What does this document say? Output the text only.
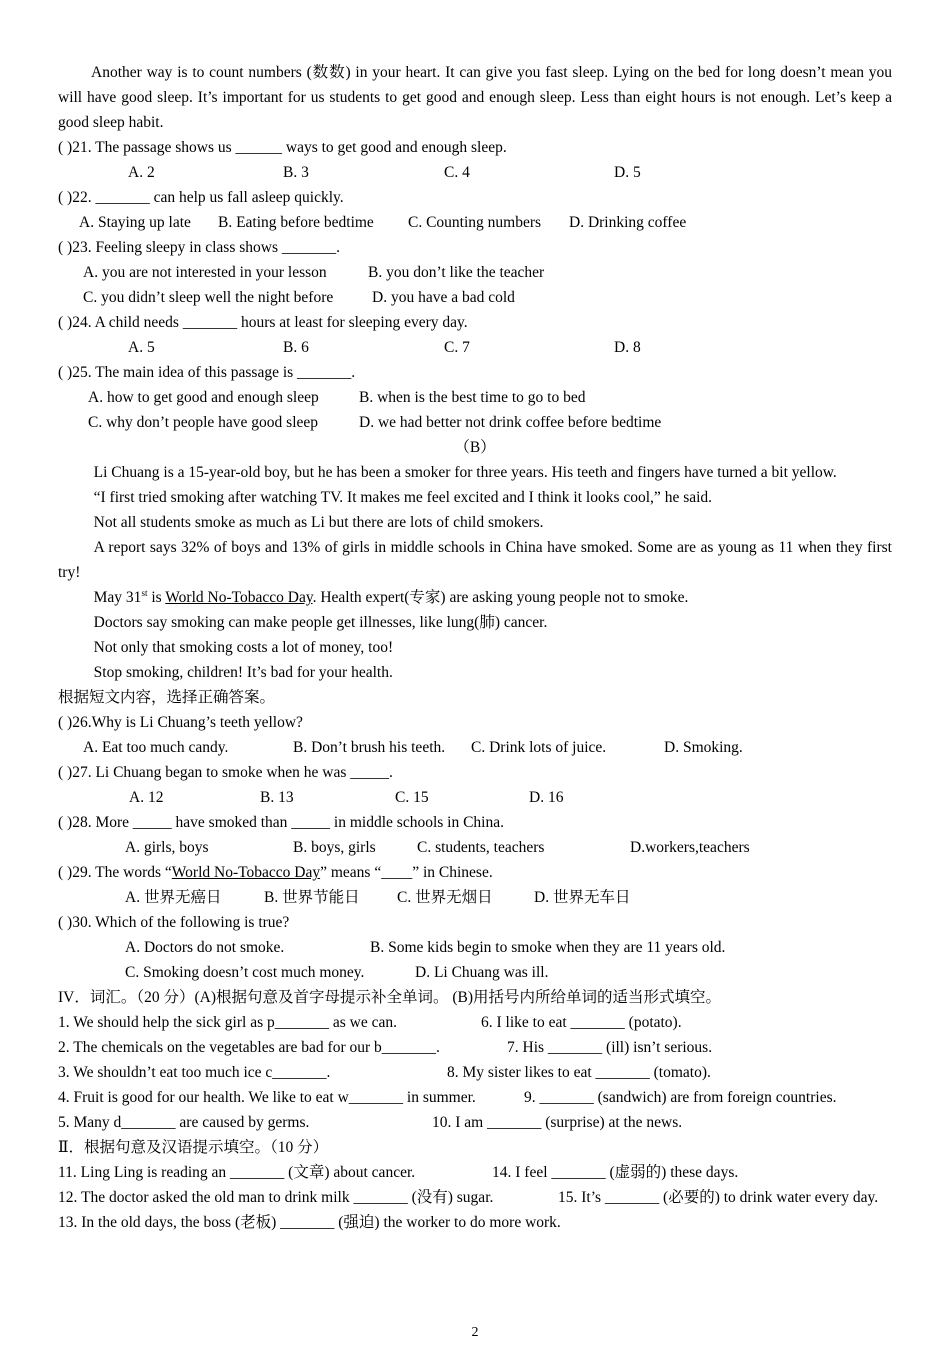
Another way is to count numbers (数数) in your heart. It can give you fast sleep. Lying on the bed for long doesn’t mean you will have good sleep. It’s important for us students to get good and enough sleep. Less than eight hours is not enough. Let’s keep a good sleep habit.
( )21. The passage shows us ______ ways to get good and enough sleep.
A. 2	B. 3	C. 4	D. 5
( )22. _______ can help us fall asleep quickly.
A. Staying up late B. Eating before bedtime C. Counting numbers D. Drinking coffee
( )23. Feeling sleepy in class shows _______.
A. you are not interested in your lesson	B. you don’t like the teacher
C. you didn’t sleep well the night before	D. you have a bad cold
( )24. A child needs _______ hours at least for sleeping every day.
A. 5	B. 6	C. 7	D. 8
( )25. The main idea of this passage is _______.
A. how to get good and enough sleep	B. when is the best time to go to bed
C. why don’t people have good sleep	D. we had better not drink coffee before bedtime
（B）
Li Chuang is a 15-year-old boy, but he has been a smoker for three years. His teeth and fingers have turned a bit yellow.
“I first tried smoking after watching TV. It makes me feel excited and I think it looks cool,” he said.
Not all students smoke as much as Li but there are lots of child smokers.
A report says 32% of boys and 13% of girls in middle schools in China have smoked. Some are as young as 11 when they first try!
May 31st is World No-Tobacco Day. Health expert(专家) are asking young people not to smoke.
Doctors say smoking can make people get illnesses, like lung(肺) cancer.
Not only that smoking costs a lot of money, too!
Stop smoking, children! It’s bad for your health.
根据短文内容，选择正确答案。
( )26.Why is Li Chuang’s teeth yellow?
A. Eat too much candy.	B. Don’t brush his teeth. C. Drink lots of juice.	D. Smoking.
( )27. Li Chuang began to smoke when he was _____.
A. 12	B. 13	C. 15	D. 16
( )28. More _____ have smoked than _____ in middle schools in China.
A. girls, boys	B. boys, girls	C. students, teachers	D.workers,teachers
( )29. The words “World No-Tobacco Day” means “____” in Chinese.
A. 世界无癌日	B. 世界节能日 C. 世界无烟日	D. 世界无车日
( )30. Which of the following is true?
A. Doctors do not smoke.	B. Some kids begin to smoke when they are 11 years old.
C. Smoking doesn’t cost much money.	D. Li Chuang was ill.
IV．词汇。（20 分）(A)根据句意及首字母提示补全单词。 (B)用括号内所给单词的适当形式填空。
1. We should help the sick girl as p_______ as we can.	6. I like to eat _______ (potato).
2. The chemicals on the vegetables are bad for our b_______.	7. His _______ (ill) isn’t serious.
3. We shouldn’t eat too much ice c_______.	8. My sister likes to eat _______ (tomato).
4. Fruit is good for our health. We like to eat w_______ in summer.	9. _______ (sandwich) are from foreign countries.
5. Many d_______ are caused by germs.	10. I am _______ (surprise) at the news.
Ⅱ．根据句意及汉语提示填空。（10 分）
11. Ling Ling is reading an _______ (文章) about cancer.	14. I feel _______ (虚弱的) these days.
12. The doctor asked the old man to drink milk _______ (没有) sugar.	15. It’s _______ (必要的) to drink water every day.
13. In the old days, the boss (老板) _______ (强迫) the worker to do more work.
2
